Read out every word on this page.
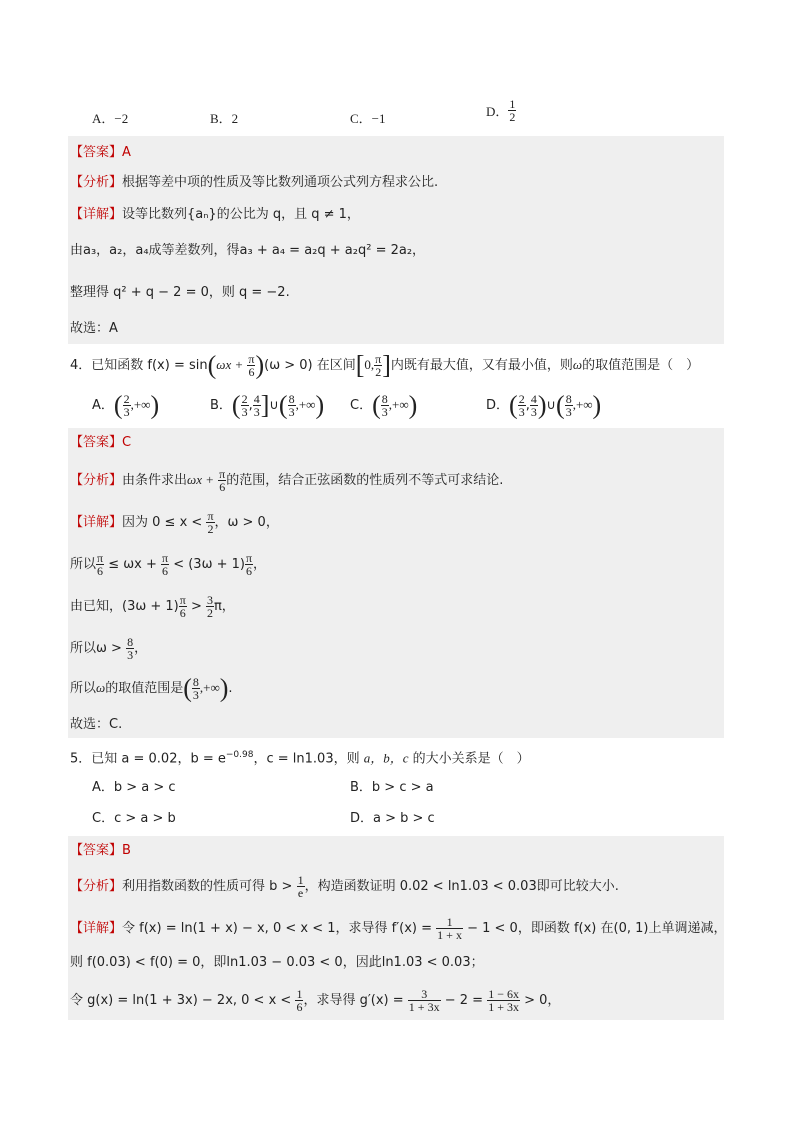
A．−2	B．2	C．−1	D． $\frac{1}{2}$
【答案】A
【分析】根据等差中项的性质及等比数列通项公式列方程求公比.
【详解】设等比数列{aₙ}的公比为 q，且 q ≠ 1，
由a₃，a₂，a₄成等差数列，得a₃ + a₄ = a₂q + a₂q² = 2a₂，
整理得 q² + q − 2 = 0，则 q = −2.
故选：A
4．已知函数 $f(x) = \sin(\omega x + \frac{\pi}{6} )(\omega > 0)$ 在区间[0, $\frac{\pi}{2}$ ]内既有最大值，又有最小值，则ω的取值范围是（　）
A．( $\frac{2}{3}$ ,+∞)	B．( $\frac{2}{3}$ , $\frac{4}{3}$ ]∪( $\frac{8}{3}$ ,+∞) C．( $\frac{8}{3}$ ,+∞)	D．( $\frac{2}{3}$ , $\frac{4}{3}$ )∪( $\frac{8}{3}$ ,+∞)
【答案】C
【分析】由条件求出$\omega x + \frac{\pi}{6}$ 的范围，结合正弦函数的性质列不等式可求结论.
【详解】因为 $0 \le x < \frac{\pi}{2}$ ，ω > 0，
所以 $\frac{\pi}{6} \le \omega x + \frac{\pi}{6} < (3\omega + 1) \frac{\pi}{6}$ ，
由已知，$(3\omega + 1) \frac{\pi}{6} > \frac{3}{2}$ π，
所以$\omega > \frac{8}{3}$ ，
所以ω的取值范围是( $\frac{8}{3}$ ,+∞).
故选：C.
5．已知 a = 0.02，$b = e^{-0.98}$，c = ln1.03，则 a，b，c 的大小关系是（　）
A．b > a > c	B．b > c > a
C．c > a > b	D．a > b > c
【答案】B
【分析】利用指数函数的性质可得 $b > \frac{1}{e}$ ，构造函数证明 0.02 < ln1.03 < 0.03即可比较大小.
【详解】令 f(x) = ln(1 + x) − x, 0 < x < 1，求导得 $f'(x) = \frac{1}{1 + x} - 1 < 0$，即函数 f(x) 在(0, 1)上单调递减，
则 f(0.03) < f(0) = 0，即ln1.03 − 0.03 < 0，因此ln1.03 < 0.03；
令 g(x) = ln(1 + 3x) − 2x, $0 < x < \frac{1}{6}$ ，求导得 $g'(x) = \frac{3}{1 + 3x} - 2 = \frac{1 - 6x}{1 + 3x} > 0$，
